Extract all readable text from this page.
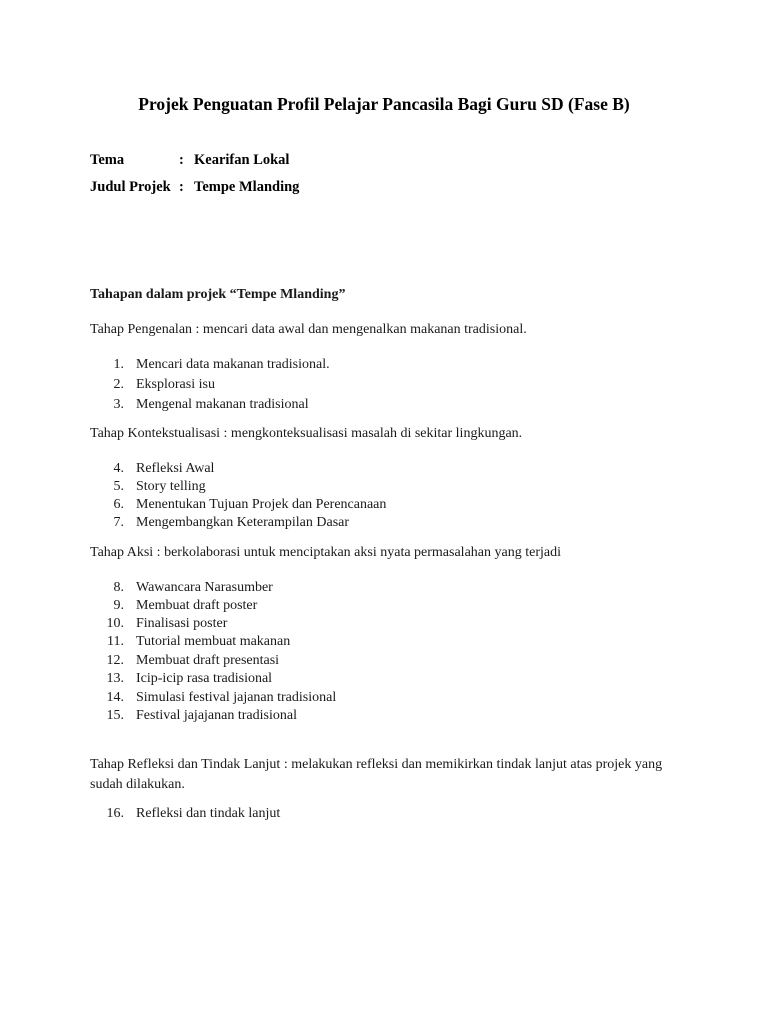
Projek Penguatan Profil Pelajar Pancasila Bagi Guru SD (Fase B)
Tema	: Kearifan Lokal
Judul Projek : Tempe Mlanding
Tahapan dalam projek “Tempe Mlanding”
Tahap Pengenalan : mencari data awal dan mengenalkan makanan tradisional.
1. Mencari data makanan tradisional.
2. Eksplorasi isu
3. Mengenal makanan tradisional
Tahap Kontekstualisasi : mengkonteksualisasi masalah di sekitar lingkungan.
4. Refleksi Awal
5. Story telling
6. Menentukan Tujuan Projek dan Perencanaan
7. Mengembangkan Keterampilan Dasar
Tahap Aksi : berkolaborasi untuk menciptakan aksi nyata permasalahan yang terjadi
8. Wawancara Narasumber
9. Membuat draft poster
10. Finalisasi poster
11. Tutorial membuat makanan
12. Membuat draft presentasi
13. Icip-icip rasa tradisional
14. Simulasi festival jajanan tradisional
15. Festival jajajanan tradisional
Tahap Refleksi dan Tindak Lanjut : melakukan refleksi dan memikirkan tindak lanjut atas projek yang sudah dilakukan.
16. Refleksi dan tindak lanjut
